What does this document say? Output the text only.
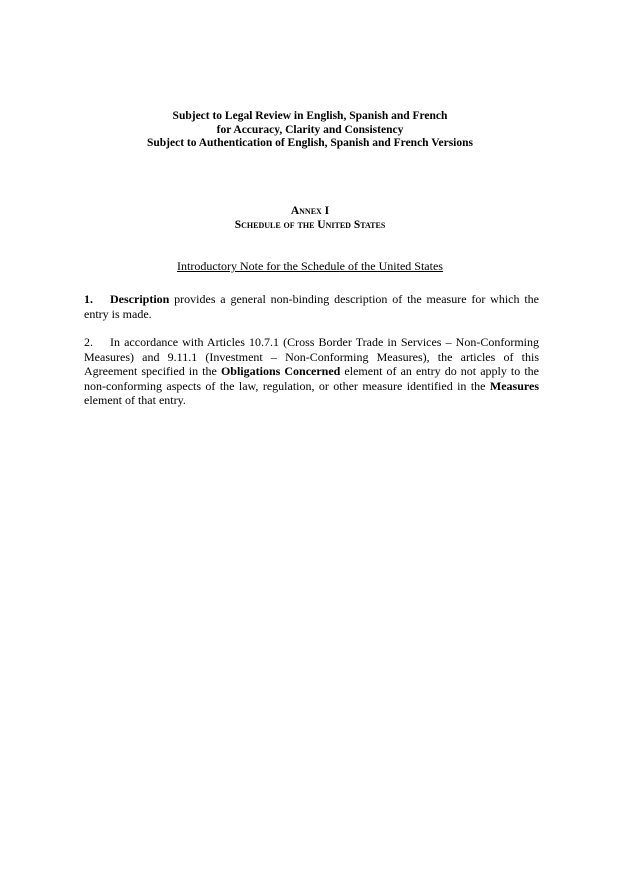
Subject to Legal Review in English, Spanish and French
for Accuracy, Clarity and Consistency
Subject to Authentication of English, Spanish and French Versions
Annex I
Schedule of the United States
Introductory Note for the Schedule of the United States
1. Description provides a general non-binding description of the measure for which the entry is made.
2. In accordance with Articles 10.7.1 (Cross Border Trade in Services – Non-Conforming Measures) and 9.11.1 (Investment – Non-Conforming Measures), the articles of this Agreement specified in the Obligations Concerned element of an entry do not apply to the non-conforming aspects of the law, regulation, or other measure identified in the Measures element of that entry.
